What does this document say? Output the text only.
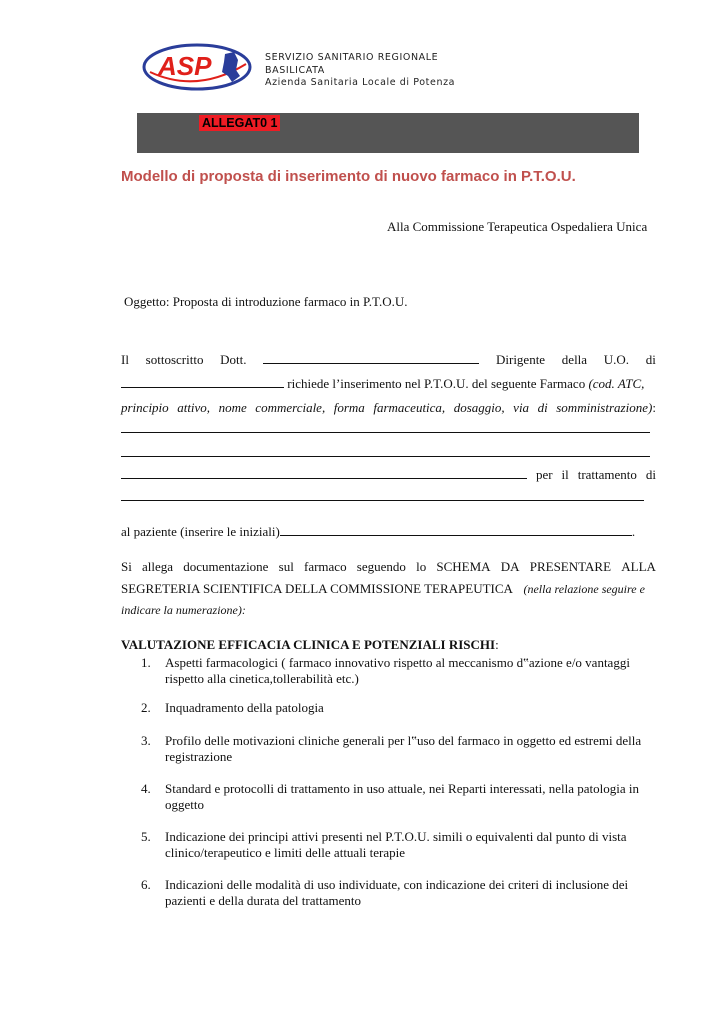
ASP	SERVIZIO SANITARIO REGIONALE
BASILICATA
Azienda Sanitaria Locale di Potenza
ALLEGAT0 1
Modello di proposta di inserimento di nuovo farmaco in P.T.O.U.
Alla Commissione Terapeutica Ospedaliera Unica
Oggetto: Proposta di introduzione farmaco in P.T.O.U.
Il sottoscritto Dott.	Dirigente della U.O. di
richiede l’inserimento nel P.T.O.U. del seguente Farmaco (cod. ATC,
principio attivo, nome commerciale, forma farmaceutica, dosaggio, via di somministrazione):
per il trattamento di
al paziente (inserire le iniziali)	.
Si allega documentazione sul farmaco seguendo lo SCHEMA DA PRESENTARE ALLA
SEGRETERIA SCIENTIFICA DELLA COMMISSIONE TERAPEUTICA (nella relazione seguire e
indicare la numerazione):
VALUTAZIONE EFFICACIA CLINICA E POTENZIALI RISCHI:
1. Aspetti farmacologici ( farmaco innovativo rispetto al meccanismo d‟azione e/o vantaggi rispetto alla cinetica,tollerabilità etc.)
2. Inquadramento della patologia
3. Profilo delle motivazioni cliniche generali per l‟uso del farmaco in oggetto ed estremi della registrazione
4. Standard e protocolli di trattamento in uso attuale, nei Reparti interessati, nella patologia in oggetto
5. Indicazione dei principi attivi presenti nel P.T.O.U. simili o equivalenti dal punto di vista clinico/terapeutico e limiti delle attuali terapie
6. Indicazioni delle modalità di uso individuate, con indicazione dei criteri di inclusione dei pazienti e della durata del trattamento
